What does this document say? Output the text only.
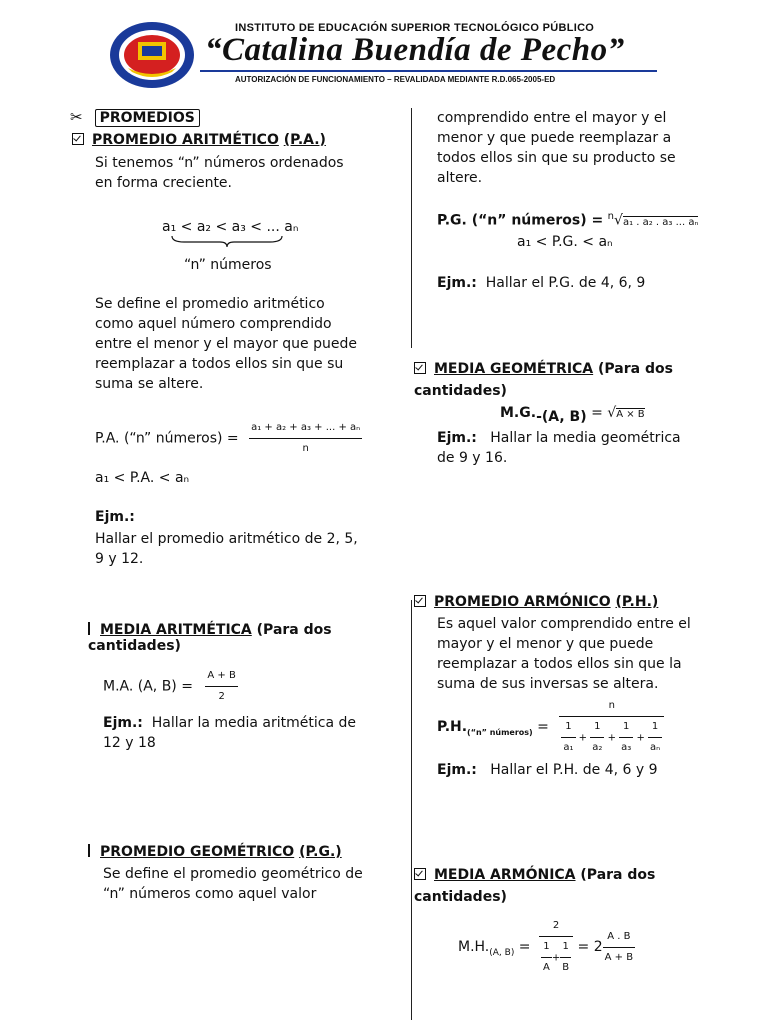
INSTITUTO DE EDUCACIÓN SUPERIOR TECNOLÓGICO PÚBLICO
“Catalina Buendía de Pecho”
AUTORIZACIÓN DE FUNCIONAMIENTO – REVALIDADA MEDIANTE R.D.065-2005-ED
✂ PROMEDIOS
PROMEDIO ARITMÉTICO (P.A.)
Si tenemos “n” números ordenados en forma creciente.
a₁ < a₂ < a₃ < ... aₙ
“n” números
Se define el promedio aritmético como aquel número comprendido entre el menor y el mayor que puede reemplazar a todos ellos sin que su suma se altere.
P.A. (“n” números) = $\frac{\text{a₁ + a₂ + a₃ + ... + aₙ}}{n}$
a₁ < P.A. < aₙ
Ejm.:
Hallar el promedio aritmético de 2, 5, 9 y 12.
MEDIA ARITMÉTICA (Para dos cantidades)
M.A. (A, $B) = \frac{A + B}{2}$
Ejm.: Hallar la media aritmética de 12 y 18
PROMEDIO GEOMÉTRICO (P.G.)
Se define el promedio geométrico de “n” números como aquel valor
comprendido entre el mayor y el menor y que puede reemplazar a todos ellos sin que su producto se altere.
P.G. (“n” números) = $^n$√a₁ . a₂ . a₃ ... aₙ
a₁ < P.G. < aₙ
Ejm.: Hallar el P.G. de 4, 6, 9
MEDIA GEOMÉTRICA (Para dos cantidades)
$M.G._{-(A, B)} = √A \times B$
Ejm.: Hallar la media geométrica de 9 y 16.
PROMEDIO ARMÓNICO (P.H.)
Es aquel valor comprendido entre el mayor y el menor y que puede reemplazar a todos ellos sin que la suma de sus inversas se altera.
$P.H._{(“n” números)} = \frac{n}{\frac{1}{\text{a₁}} + \frac{1}{\text{a₂}} + \frac{1}{\text{a₃}} + \frac{1}{\text{aₙ}}}$
Ejm.: Hallar el P.H. de 4, 6 y 9
MEDIA ARMÓNICA (Para dos cantidades)
$M.H._{(A, B)} = \frac{2}{\frac{1}{A} + \frac{1}{B}} = 2 \frac{A . B}{A + B}$
